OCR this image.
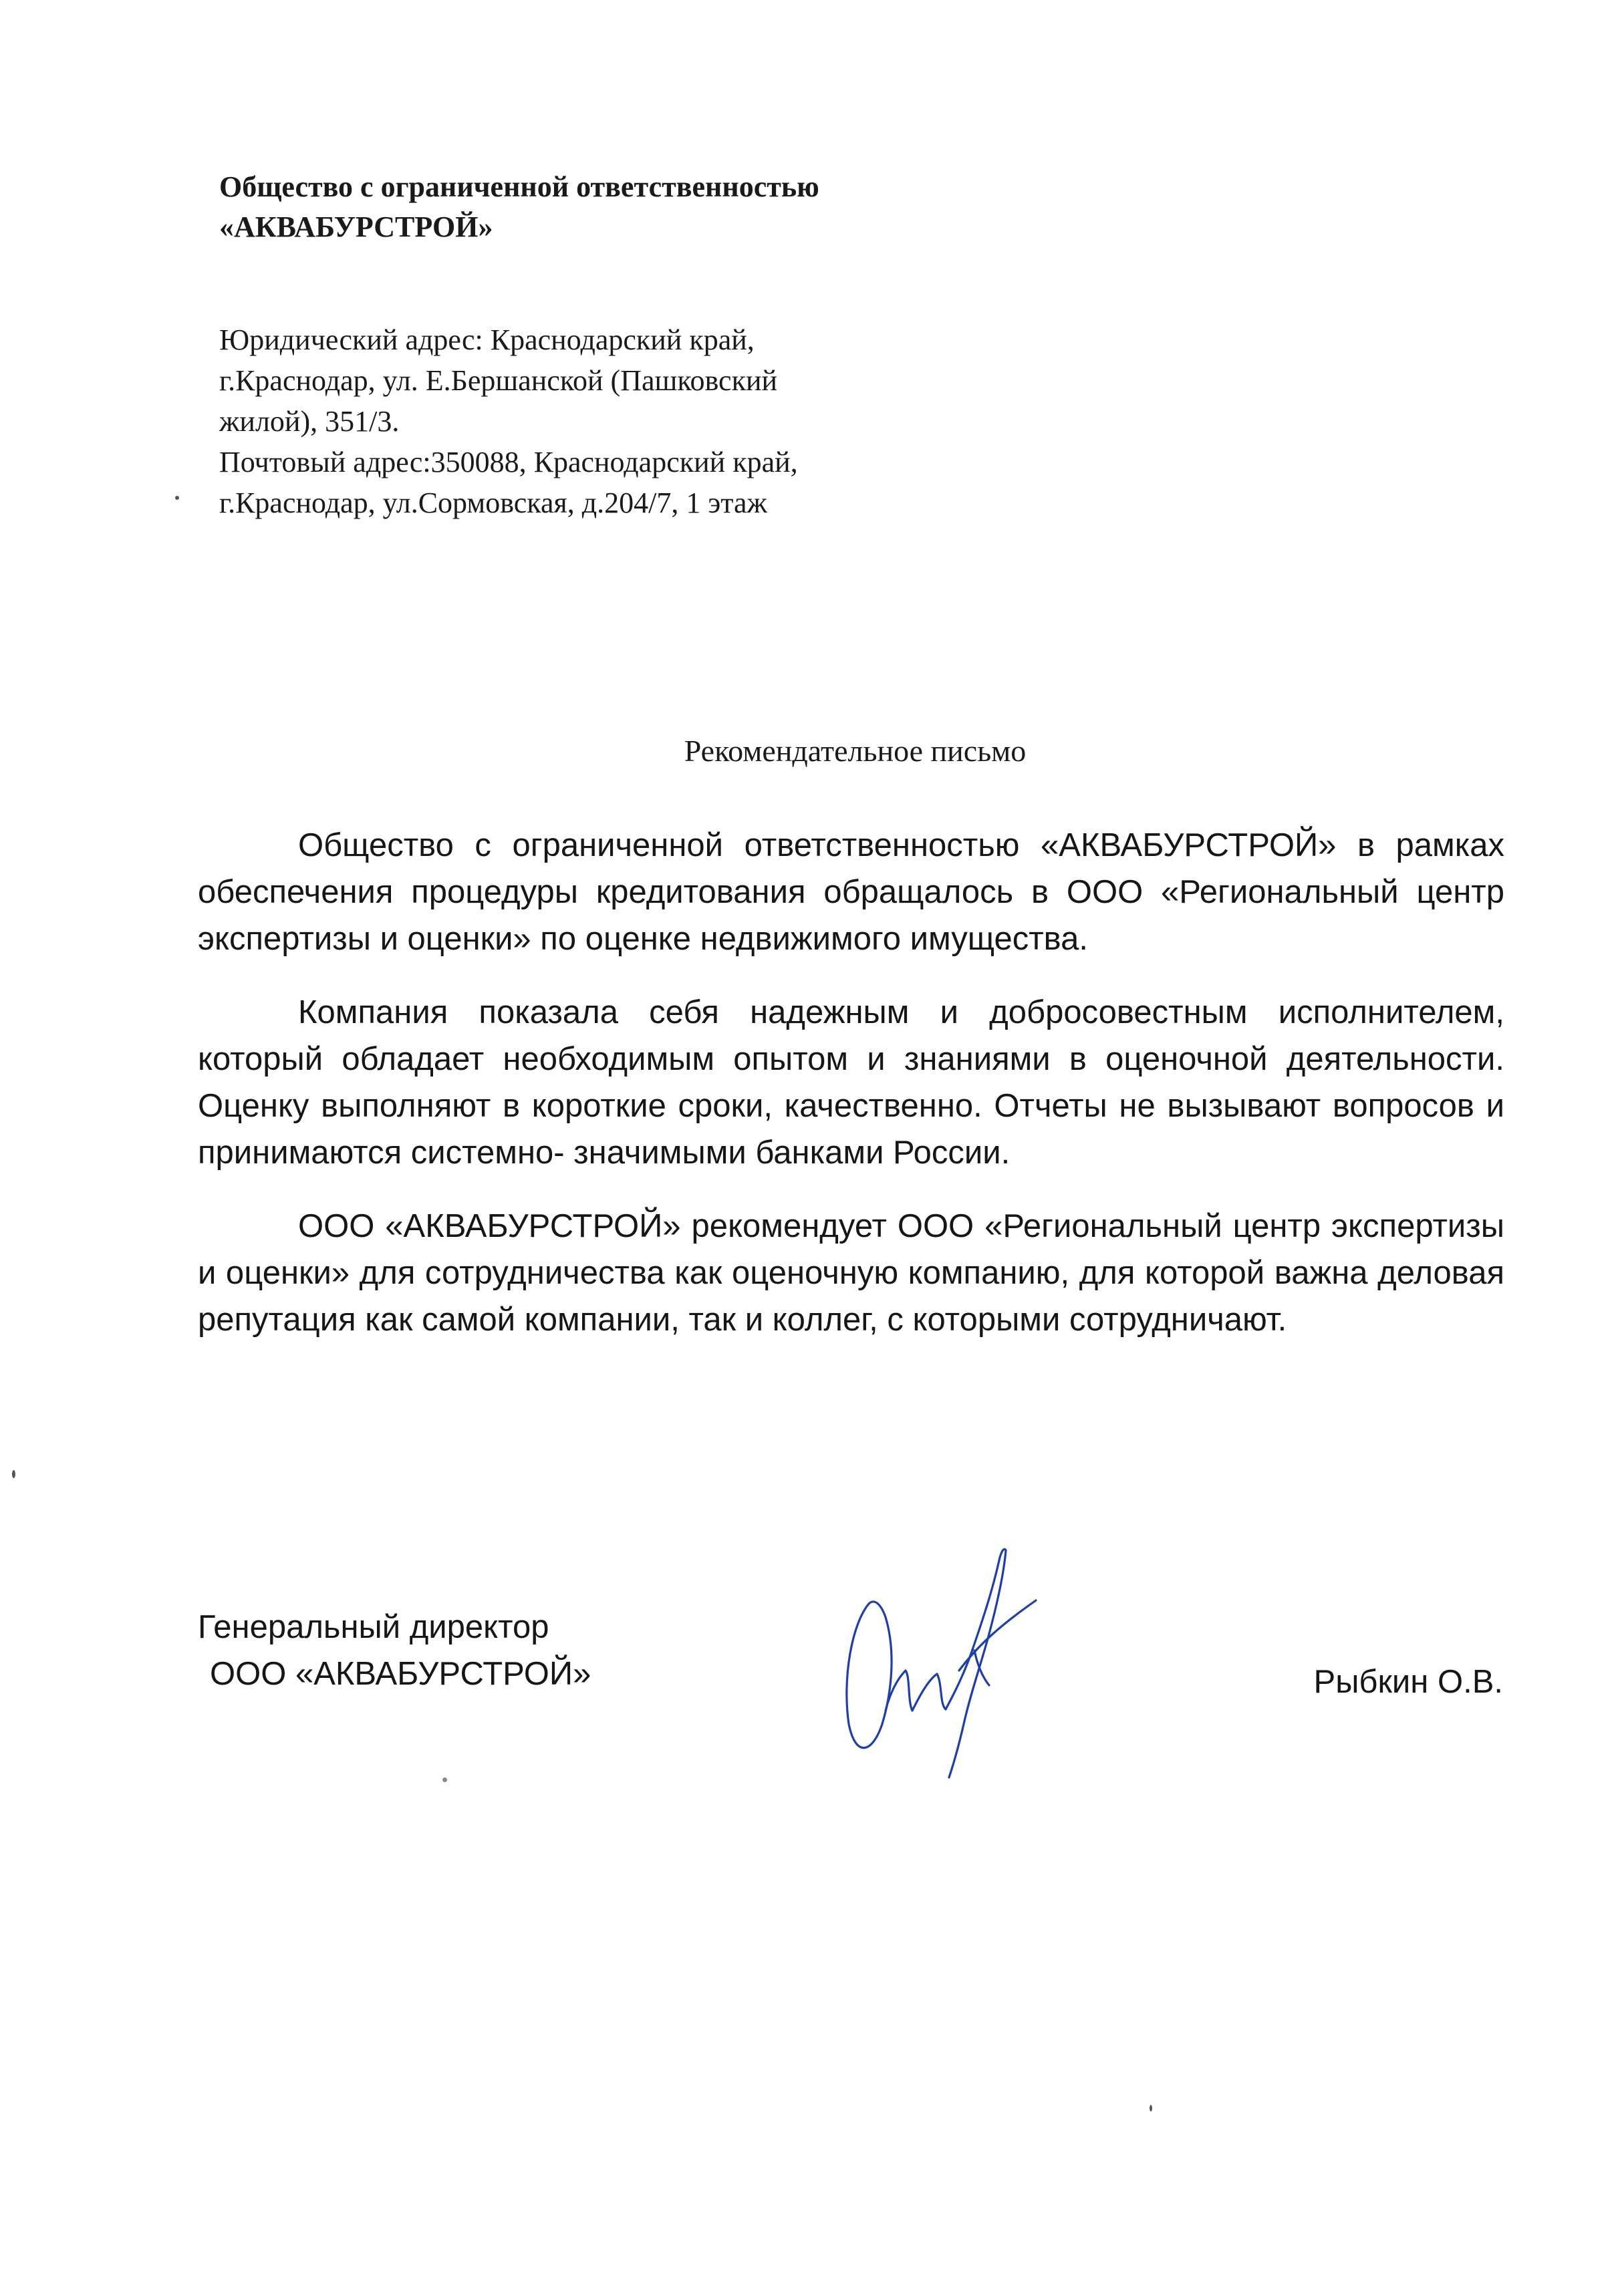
Общество с ограниченной ответственностью
«АКВАБУРСТРОЙ»
Юридический адрес: Краснодарский край,
г.Краснодар, ул. Е.Бершанской (Пашковский
жилой), 351/3.
Почтовый адрес:350088, Краснодарский край,
г.Краснодар, ул.Сормовская, д.204/7, 1 этаж
Рекомендательное письмо

Общество с ограниченной ответственностью «АКВАБУРСТРОЙ» в рамках обеспечения процедуры кредитования обращалось в ООО «Региональный центр экспертизы и оценки» по оценке недвижимого имущества.

Компания показала себя надежным и добросовестным исполнителем, который обладает необходимым опытом и знаниями в оценочной деятельности. Оценку выполняют в короткие сроки, качественно. Отчеты не вызывают вопросов и принимаются системно- значимыми банками России.

ООО «АКВАБУРСТРОЙ» рекомендует ООО «Региональный центр экспертизы и оценки» для сотрудничества как оценочную компанию, для которой важна деловая репутация как самой компании, так и коллег, с которыми сотрудничают.

Генеральный директор
ООО «АКВАБУРСТРОЙ»	Рыбкин О.В.
